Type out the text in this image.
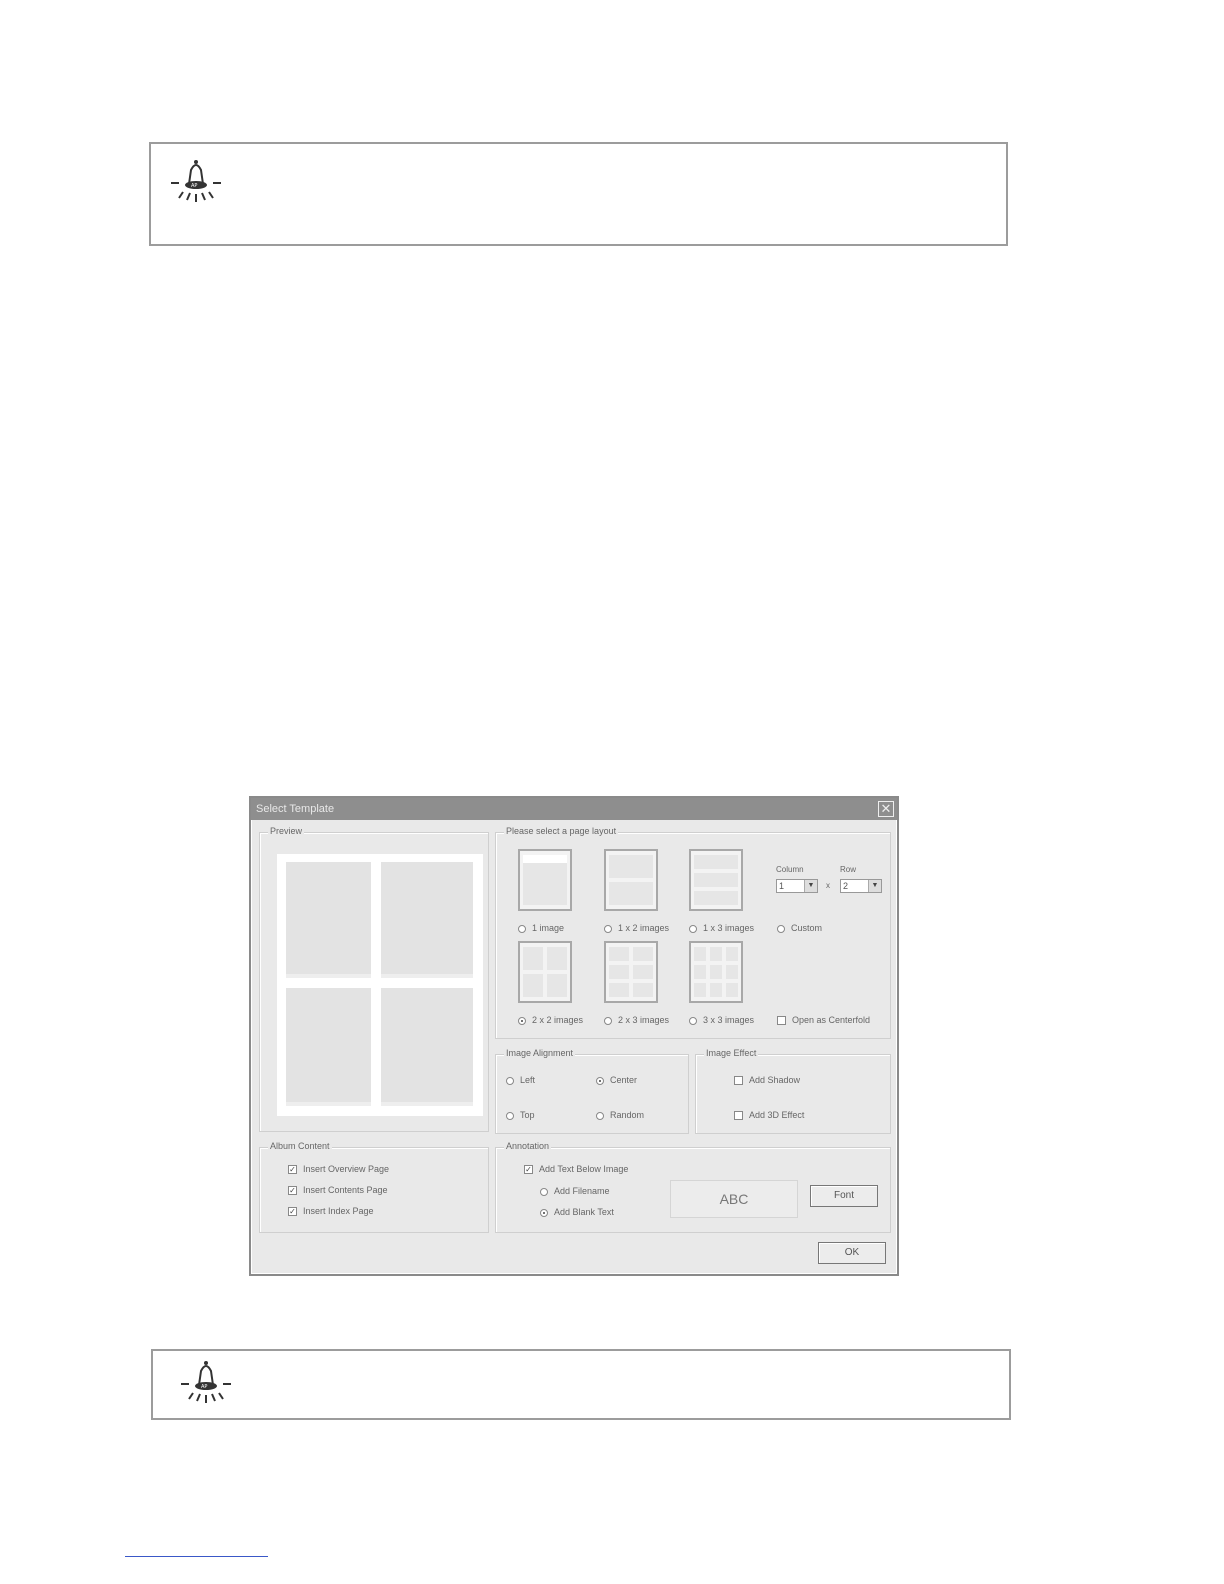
AP
Select Template	✕
Preview	Please select a page layout
1 image	1 x 2 images	1 x 3 images	Custom
Column
1	▼	x
Row
2	▼
2 x 2 images	2 x 3 images	3 x 3 images	Open as Centerfold
Image Alignment
Left	Center
Top	Random
Image Effect
Add Shadow
Add 3D Effect
Album Content
✓ Insert Overview Page
✓ Insert Contents Page
✓ Insert Index Page
Annotation
✓ Add Text Below Image
Add Filename
Add Blank Text
ABC	Font
OK
AP
